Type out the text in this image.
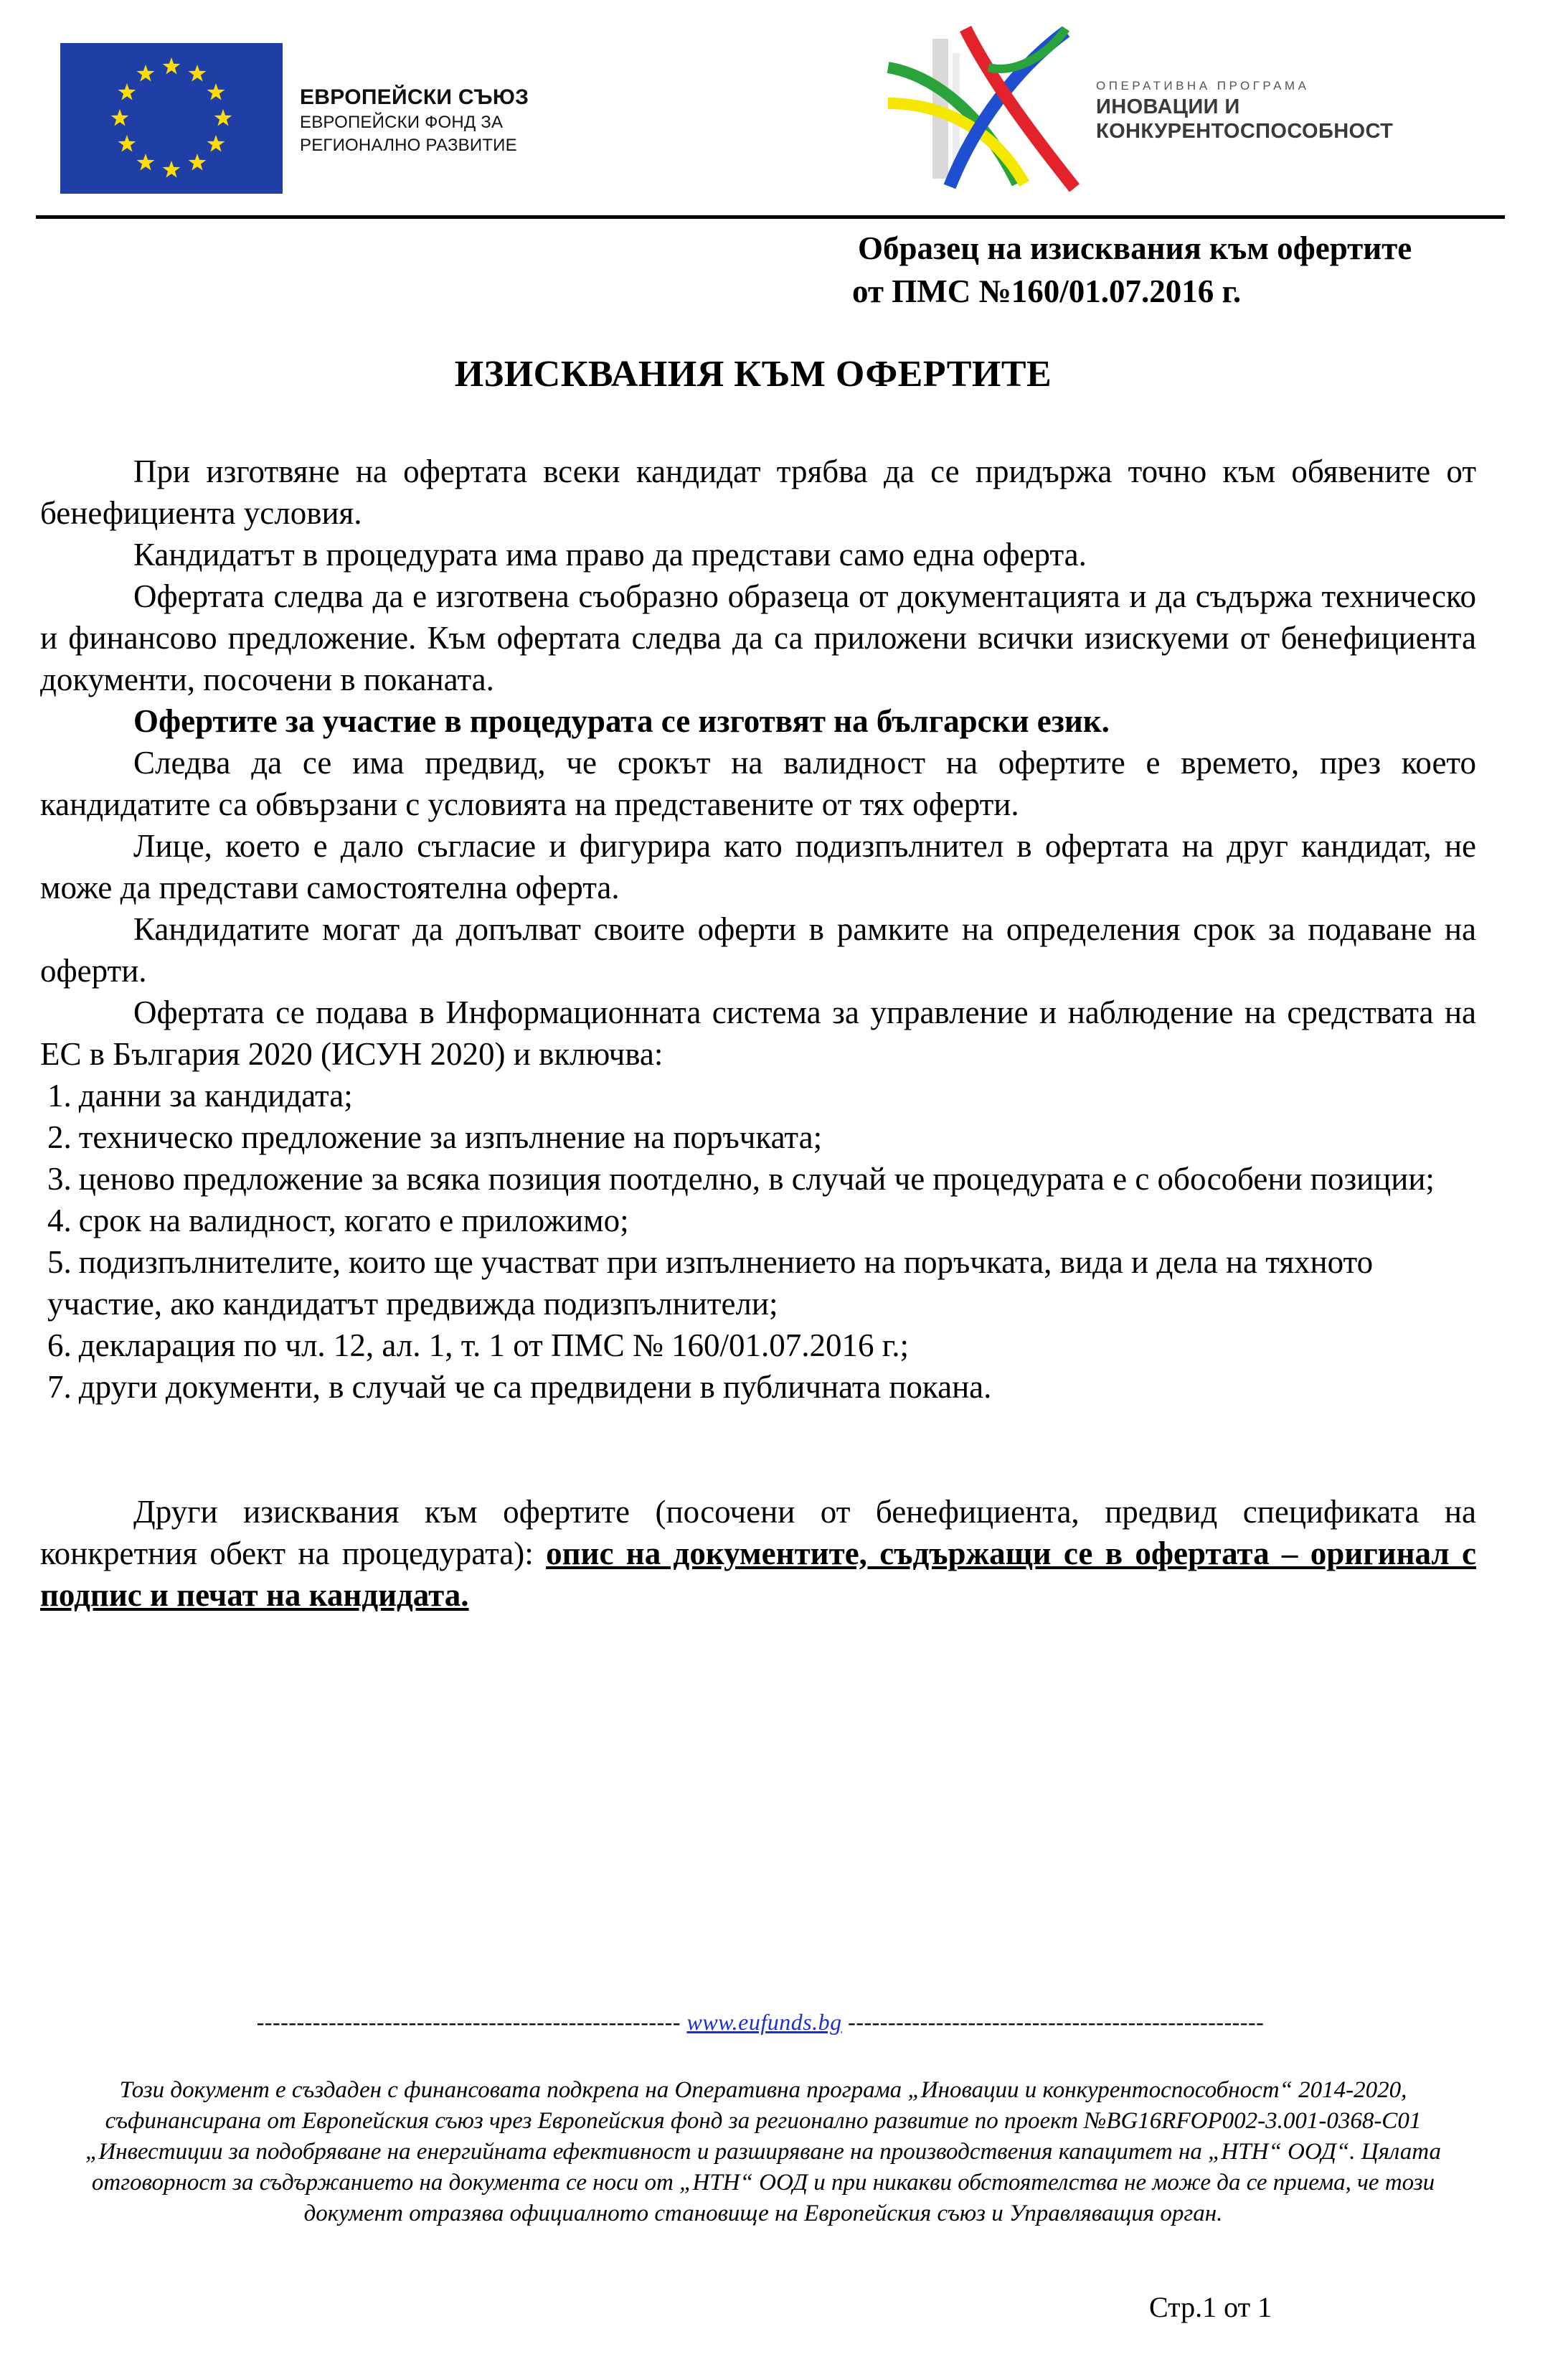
ЕВРОПЕЙСКИ СЪЮЗ
ЕВРОПЕЙСКИ ФОНД ЗА
РЕГИОНАЛНО РАЗВИТИЕ
ОПЕРАТИВНА ПРОГРАМА
ИНОВАЦИИ И
КОНКУРЕНТОСПОСОБНОСТ
Образец на изисквания към офертите
от ПМС №160/01.07.2016 г.
ИЗИСКВАНИЯ КЪМ ОФЕРТИТЕ

При изготвяне на офертата всеки кандидат трябва да се придържа точно към обявените от бенефициента условия.

Кандидатът в процедурата има право да представи само една оферта.

Офертата следва да е изготвена съобразно образеца от документацията и да съдържа техническо и финансово предложение. Към офертата следва да са приложени всички изискуеми от бенефициента документи, посочени в поканата.

Офертите за участие в процедурата се изготвят на български език.

Следва да се има предвид, че срокът на валидност на офертите е времето, през което кандидатите са обвързани с условията на представените от тях оферти.

Лице, което е дало съгласие и фигурира като подизпълнител в офертата на друг кандидат, не може да представи самостоятелна оферта.

Кандидатите могат да допълват своите оферти в рамките на определения срок за подаване на оферти.

Офертата се подава в Информационната система за управление и наблюдение на средствата на ЕС в България 2020 (ИСУН 2020) и включва:

1. данни за кандидата;
2. техническо предложение за изпълнение на поръчката;
3. ценово предложение за всяка позиция поотделно, в случай че процедурата е с обособени позиции;
4. срок на валидност, когато е приложимо;
5. подизпълнителите, които ще участват при изпълнението на поръчката, вида и дела на тяхното участие, ако кандидатът предвижда подизпълнители;
6. декларация по чл. 12, ал. 1, т. 1 от ПМС № 160/01.07.2016 г.;
7. други документи, в случай че са предвидени в публичната покана.

Други изисквания към офертите (посочени от бенефициента, предвид спецификата на конкретния обект на процедурата): опис на документите, съдържащи се в офертата – оригинал с подпис и печат на кандидата.

----------------------------------------------------- www.eufunds.bg ----------------------------------------------------
Този документ е създаден с финансовата подкрепа на Оперативна програма „Иновации и конкурентоспособност“ 2014-2020, съфинансирана от Европейския съюз чрез Европейския фонд за регионално развитие по проект №BG16RFOP002-3.001-0368-С01 „Инвестиции за подобряване на енергийната ефективност и разширяване на производствения капацитет на „НТН“ ООД“. Цялата отговорност за съдържанието на документа се носи от „НТН“ ООД и при никакви обстоятелства не може да се приема, че този документ отразява официалното становище на Европейския съюз и Управляващия орган.
Стр.1 от 1
